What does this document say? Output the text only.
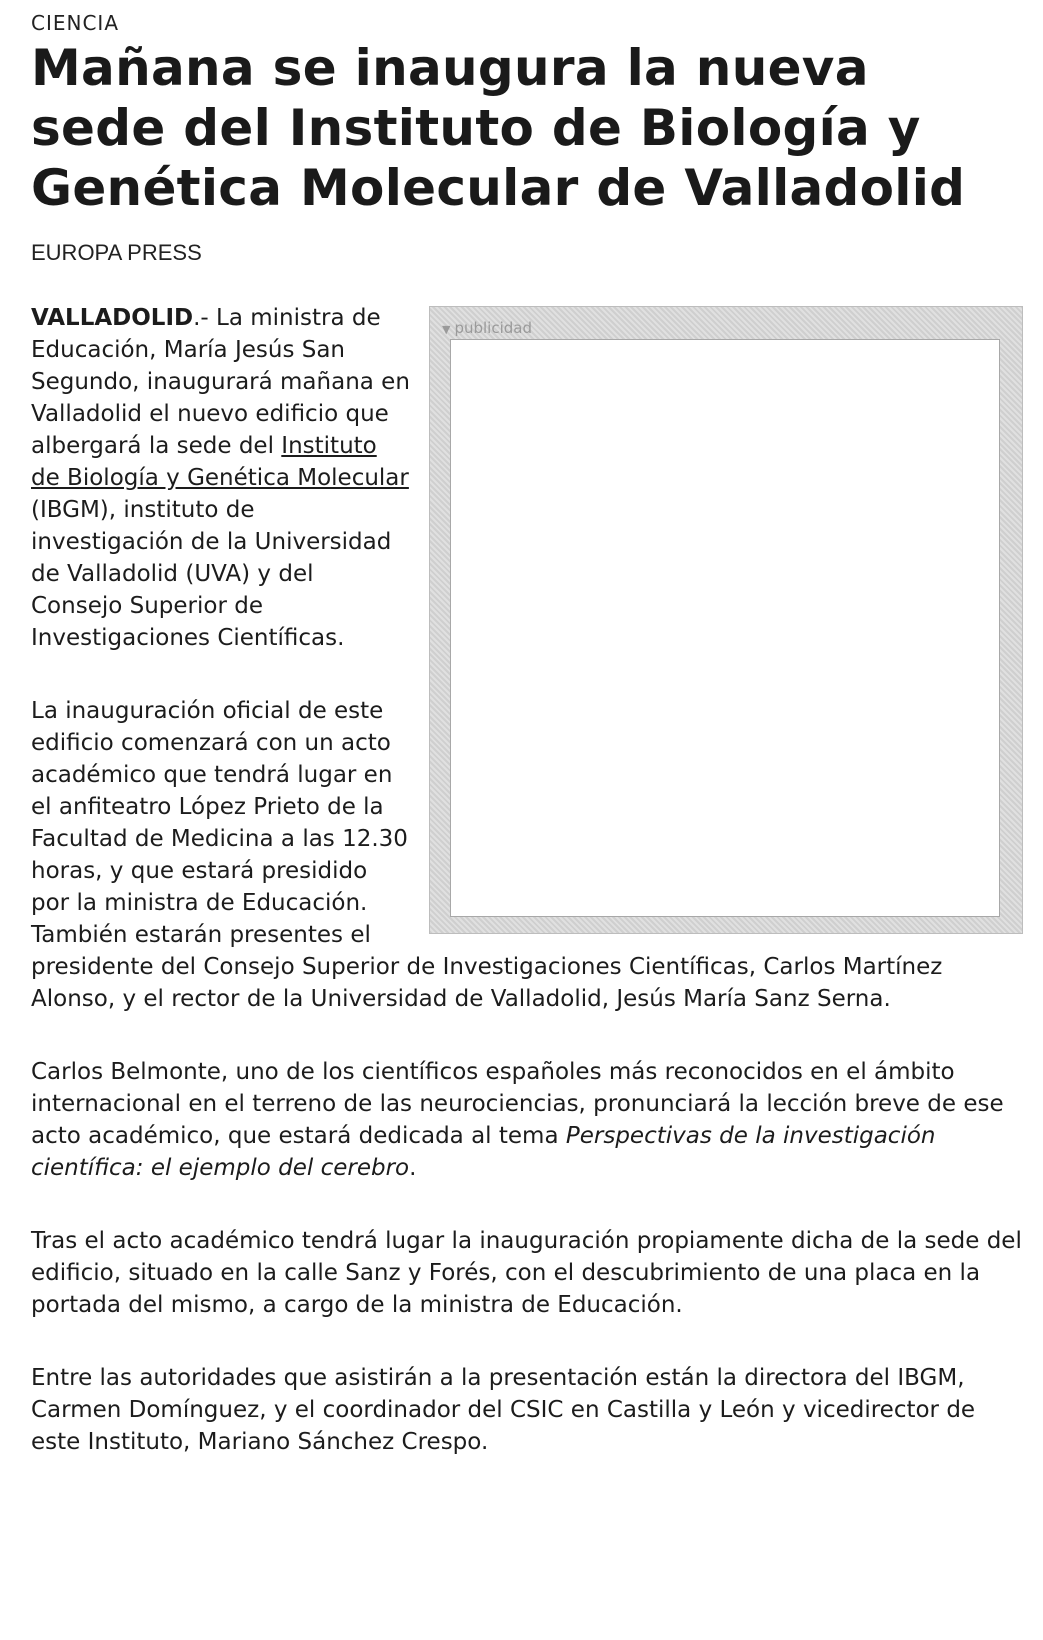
CIENCIA
Mañana se inaugura la nueva sede del Instituto de Biología y Genética Molecular de Valladolid
EUROPA PRESS
▼ publicidad

VALLADOLID.- La ministra de Educación, María Jesús San Segundo, inaugurará mañana en Valladolid el nuevo edificio que albergará la sede del Instituto de Biología y Genética Molecular (IBGM), instituto de investigación de la Universidad de Valladolid (UVA) y del Consejo Superior de Investigaciones Científicas.

La inauguración oficial de este edificio comenzará con un acto académico que tendrá lugar en el anfiteatro López Prieto de la Facultad de Medicina a las 12.30 horas, y que estará presidido por la ministra de Educación. También estarán presentes el presidente del Consejo Superior de Investigaciones Científicas, Carlos Martínez Alonso, y el rector de la Universidad de Valladolid, Jesús María Sanz Serna.

Carlos Belmonte, uno de los científicos españoles más reconocidos en el ámbito internacional en el terreno de las neurociencias, pronunciará la lección breve de ese acto académico, que estará dedicada al tema Perspectivas de la investigación científica: el ejemplo del cerebro.

Tras el acto académico tendrá lugar la inauguración propiamente dicha de la sede del edificio, situado en la calle Sanz y Forés, con el descubrimiento de una placa en la portada del mismo, a cargo de la ministra de Educación.

Entre las autoridades que asistirán a la presentación están la directora del IBGM, Carmen Domínguez, y el coordinador del CSIC en Castilla y León y vicedirector de este Instituto, Mariano Sánchez Crespo.
